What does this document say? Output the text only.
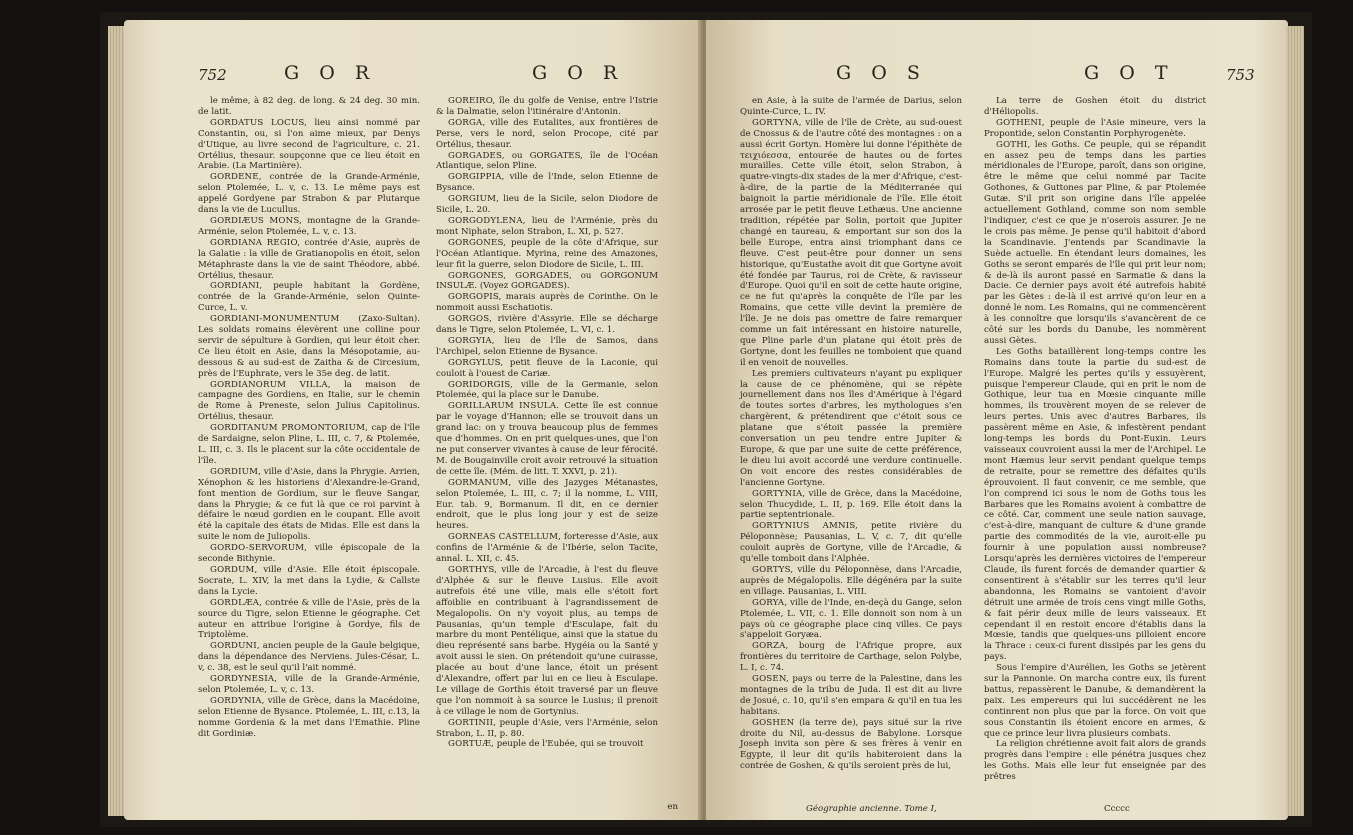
752	G O R	G O R

le même, à 82 deg. de long. & 24 deg. 30 min. de latit.

GORDATUS LOCUS, lieu ainsi nommé par Constantin, ou, si l'on aime mieux, par Denys d'Utique, au livre second de l'agriculture, c. 21. Ortélius, thesaur. soupçonne que ce lieu étoit en Arabie. (La Martinière).

GORDENE, contrée de la Grande-Arménie, selon Ptolemée, L. v, c. 13. Le même pays est appelé Gordyene par Strabon & par Plutarque dans la vie de Lucullus.

GORDIÆUS MONS, montagne de la Grande-Arménie, selon Ptolemée, L. v, c. 13.

GORDIANA REGIO, contrée d'Asie, auprès de la Galatie : la ville de Gratianopolis en étoit, selon Métaphraste dans la vie de saint Théodore, abbé. Ortélius, thesaur.

GORDIANI, peuple habitant la Gordène, contrée de la Grande-Arménie, selon Quinte-Curce, L. v.

GORDIANI-MONUMENTUM (Zaxo-Sultan). Les soldats romains élevèrent une colline pour servir de sépulture à Gordien, qui leur étoit cher. Ce lieu étoit en Asie, dans la Mésopotamie, au-dessous & au sud-est de Zaitha & de Circesium, près de l'Euphrate, vers le 35e deg. de latit.

GORDIANORUM VILLA, la maison de campagne des Gordiens, en Italie, sur le chemin de Rome à Preneste, selon Julius Capitolinus. Ortélius, thesaur.

GORDITANUM PROMONTORIUM, cap de l'île de Sardaigne, selon Pline, L. III, c. 7, & Ptolemée, L. III, c. 3. Ils le placent sur la côte occidentale de l'île.

GORDIUM, ville d'Asie, dans la Phrygie. Arrien, Xénophon & les historiens d'Alexandre-le-Grand, font mention de Gordium, sur le fleuve Sangar, dans la Phrygie; & ce fut là que ce roi parvint à défaire le nœud gordien en le coupant. Elle avoit été la capitale des états de Midas. Elle est dans la suite le nom de Juliopolis.

GORDO-SERVORUM, ville épiscopale de la seconde Bithynie.

GORDUM, ville d'Asie. Elle étoit épiscopale. Socrate, L. XIV, la met dans la Lydie, & Callste dans la Lycie.

GORDLÆA, contrée & ville de l'Asie, près de la source du Tigre, selon Etienne le géographe. Cet auteur en attribue l'origine à Gordye, fils de Triptolème.

GORDUNI, ancien peuple de la Gaule belgique, dans la dépendance des Nerviens. Jules-César, L. v, c. 38, est le seul qu'il l'ait nommé.

GORDYNESIA, ville de la Grande-Arménie, selon Ptolemée, L. v, c. 13.

GORDYNIA, ville de Grèce, dans la Macédoine, selon Etienne de Bysance. Ptolemée, L. III, c.13, la nomme Gordenia & la met dans l'Emathie. Pline dit Gordiniæ.

GOREIRO, île du golfe de Venise, entre l'Istrie & la Dalmatie, selon l'itinéraire d'Antonin.

GORGA, ville des Eutalites, aux frontières de Perse, vers le nord, selon Procope, cité par Ortélius, thesaur.

GORGADES, ou GORGATES, île de l'Océan Atlantique, selon Pline.

GORGIPPIA, ville de l'Inde, selon Etienne de Bysance.

GORGIUM, lieu de la Sicile, selon Diodore de Sicile, L. 20.

GORGODYLENA, lieu de l'Arménie, près du mont Niphate, selon Strabon, L. XI, p. 527.

GORGONES, peuple de la côte d'Afrique, sur l'Océan Atlantique. Myrina, reine des Amazones, leur fit la guerre, selon Diodore de Sicile, L. III.

GORGONES, GORGADES, ou GORGONUM INSULÆ. (Voyez GORGADES).

GORGOPIS, marais auprès de Corinthe. On le nommoit aussi Eschatiotis.

GORGOS, rivière d'Assyrie. Elle se décharge dans le Tigre, selon Ptolemée, L. VI, c. 1.

GORGYIA, lieu de l'île de Samos, dans l'Archipel, selon Etienne de Bysance.

GORGYLUS, petit fleuve de la Laconie, qui couloit à l'ouest de Cariæ.

GORIDORGIS, ville de la Germanie, selon Ptolemée, qui la place sur le Danube.

GORILLARUM INSULA. Cette île est connue par le voyage d'Hannon; elle se trouvoit dans un grand lac: on y trouva beaucoup plus de femmes que d'hommes. On en prit quelques-unes, que l'on ne put conserver vivantes à cause de leur férocité. M. de Bougainville croit avoir retrouvé la situation de cette île. (Mém. de litt. T. XXVI, p. 21).

GORMANUM, ville des Jazyges Métanastes, selon Ptolemée, L. III, c. 7; il la nomme, L. VIII, Eur. tab. 9, Bormanum. Il dit, en ce dernier endroit, que le plus long jour y est de seize heures.

GORNEAS CASTELLUM, forteresse d'Asie, aux confins de l'Arménie & de l'Ibérie, selon Tacite, annal. L. XII, c. 45.

GORTHYS, ville de l'Arcadie, à l'est du fleuve d'Alphée & sur le fleuve Lusius. Elle avoit autrefois été une ville, mais elle s'étoit fort affoiblie en contribuant à l'agrandissement de Megalopolis. On n'y voyoit plus, au temps de Pausanias, qu'un temple d'Esculape, fait du marbre du mont Pentélique, ainsi que la statue du dieu représenté sans barbe. Hygéia ou la Santé y avoit aussi le sien. On prétendoit qu'une cuirasse, placée au bout d'une lance, étoit un présent d'Alexandre, offert par lui en ce lieu à Esculape. Le village de Gorthis étoit traversé par un fleuve que l'on nommoit à sa source le Lusius; il prenoit à ce village le nom de Gortynius.

GORTINII, peuple d'Asie, vers l'Arménie, selon Strabon, L. II, p. 80.

GORTUÆ, peuple de l'Eubée, qui se trouvoit

en
G O S	G O T	753

en Asie, à la suite de l'armée de Darius, selon Quinte-Curce, L. IV.

GORTYNA, ville de l'île de Crète, au sud-ouest de Cnossus & de l'autre côté des montagnes : on a aussi écrit Gortyn. Homère lui donne l'épithète de τειχιόεσσα, entourée de hautes ou de fortes murailles. Cette ville étoit, selon Strabon, à quatre-vingts-dix stades de la mer d'Afrique, c'est-à-dire, de la partie de la Méditerranée qui baignoit la partie méridionale de l'île. Elle étoit arrosée par le petit fleuve Lethæus. Une ancienne tradition, répétée par Solin, portoit que Jupiter changé en taureau, & emportant sur son dos la belle Europe, entra ainsi triomphant dans ce fleuve. C'est peut-être pour donner un sens historique, qu'Eustathe avoit dit que Gortyne avoit été fondée par Taurus, roi de Crète, & ravisseur d'Europe. Quoi qu'il en soit de cette haute origine, ce ne fut qu'après la conquête de l'île par les Romains, que cette ville devint la première de l'île. Je ne dois pas omettre de faire remarquer comme un fait intéressant en histoire naturelle, que Pline parle d'un platane qui étoit près de Gortyne, dont les feuilles ne tomboient que quand il en venoit de nouvelles.

Les premiers cultivateurs n'ayant pu expliquer la cause de ce phénomène, qui se répète journellement dans nos îles d'Amérique à l'égard de toutes sortes d'arbres, les mythologues s'en chargèrent, & prétendirent que c'étoit sous ce platane que s'étoit passée la première conversation un peu tendre entre Jupiter & Europe, & que par une suite de cette préférence, le dieu lui avoit accordé une verdure continuelle. On voit encore des restes considérables de l'ancienne Gortyne.

GORTYNIA, ville de Grèce, dans la Macédoine, selon Thucydide, L. II, p. 169. Elle étoit dans la partie septentrionale.

GORTYNIUS AMNIS, petite rivière du Péloponnèse; Pausanias, L. V, c. 7, dit qu'elle couloit auprès de Gortyne, ville de l'Arcadie, & qu'elle tomboit dans l'Alphée.

GORTYS, ville du Péloponnèse, dans l'Arcadie, auprès de Mégalopolis. Elle dégénéra par la suite en village. Pausanias, L. VIII.

GORYA, ville de l'Inde, en-deçà du Gange, selon Ptolemée, L. VII, c. 1. Elle donnoit son nom à un pays où ce géographe place cinq villes. Ce pays s'appeloit Goryæa.

GORZA, bourg de l'Afrique propre, aux frontières du territoire de Carthage, selon Polybe, L. I, c. 74.

GOSEN, pays ou terre de la Palestine, dans les montagnes de la tribu de Juda. Il est dit au livre de Josué, c. 10, qu'il s'en empara & qu'il en tua les habitans.

GOSHEN (la terre de), pays situé sur la rive droite du Nil, au-dessus de Babylone. Lorsque Joseph invita son père & ses frères à venir en Egypte, il leur dit qu'ils habiteroient dans la contrée de Goshen, & qu'ils seroient près de lui,

La terre de Goshen étoit du district d'Héliopolis.

GOTHENI, peuple de l'Asie mineure, vers la Propontide, selon Constantin Porphyrogenète.

GOTHI, les Goths. Ce peuple, qui se répandit en assez peu de temps dans les parties méridionales de l'Europe, paroît, dans son origine, être le même que celui nommé par Tacite Gothones, & Guttones par Pline, & par Ptolemée Gutæ. S'il prit son origine dans l'île appelée actuellement Gothland, comme son nom semble l'indiquer, c'est ce que je n'oserois assurer. Je ne le crois pas même. Je pense qu'il habitoit d'abord la Scandinavie. J'entends par Scandinavie la Suède actuelle. En étendant leurs domaines, les Goths se seront emparés de l'île qui prit leur nom; & de-là ils auront passé en Sarmatie & dans la Dacie. Ce dernier pays avoit été autrefois habité par les Gètes : de-là il est arrivé qu'on leur en a donné le nom. Les Romains, qui ne commencèrent à les connoître que lorsqu'ils s'avancèrent de ce côté sur les bords du Danube, les nommèrent aussi Gètes.

Les Goths bataillèrent long-temps contre les Romains dans toute la partie du sud-est de l'Europe. Malgré les pertes qu'ils y essuyèrent, puisque l'empereur Claude, qui en prit le nom de Gothique, leur tua en Mœsie cinquante mille hommes, ils trouvèrent moyen de se relever de leurs pertes. Unis avec d'autres Barbares, ils passèrent même en Asie, & infestèrent pendant long-temps les bords du Pont-Euxin. Leurs vaisseaux couvroient aussi la mer de l'Archipel. Le mont Hæmus leur servit pendant quelque temps de retraite, pour se remettre des défaites qu'ils éprouvoient. Il faut convenir, ce me semble, que l'on comprend ici sous le nom de Goths tous les Barbares que les Romains avoient à combattre de ce côté. Car, comment une seule nation sauvage, c'est-à-dire, manquant de culture & d'une grande partie des commodités de la vie, auroit-elle pu fournir à une population aussi nombreuse? Lorsqu'après les dernières victoires de l'empereur Claude, ils furent forcés de demander quartier & consentirent à s'établir sur les terres qu'il leur abandonna, les Romains se vantoient d'avoir détruit une armée de trois cens vingt mille Goths, & fait périr deux mille de leurs vaisseaux. Et cependant il en restoit encore d'établis dans la Mœsie, tandis que quelques-uns pilloient encore la Thrace : ceux-ci furent dissipés par les gens du pays.

Sous l'empire d'Aurélien, les Goths se jetèrent sur la Pannonie. On marcha contre eux, ils furent battus, repassèrent le Danube, & demandèrent la paix. Les empereurs qui lui succédèrent ne les continrent non plus que par la force. On voit que sous Constantin ils étoient encore en armes, & que ce prince leur livra plusieurs combats.

La religion chrétienne avoit fait alors de grands progrès dans l'empire : elle pénétra jusques chez les Goths. Mais elle leur fut enseignée par des prêtres

Géographie ancienne. Tome I,	Ccccc
